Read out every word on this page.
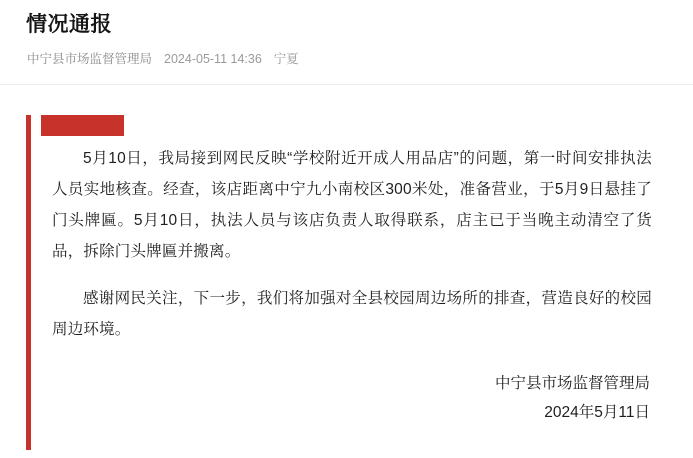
情况通报
中宁县市场监督管理局 2024-05-11 14:36 宁夏

5月10日，我局接到网民反映“学校附近开成人用品店”的问题，第一时间安排执法人员实地核查。经查，该店距离中宁九小南校区300米处，准备营业，于5月9日悬挂了门头牌匾。5月10日，执法人员与该店负责人取得联系，店主已于当晚主动清空了货品，拆除门头牌匾并搬离。

感谢网民关注，下一步，我们将加强对全县校园周边场所的排查，营造良好的校园周边环境。

中宁县市场监督管理局
2024年5月11日
